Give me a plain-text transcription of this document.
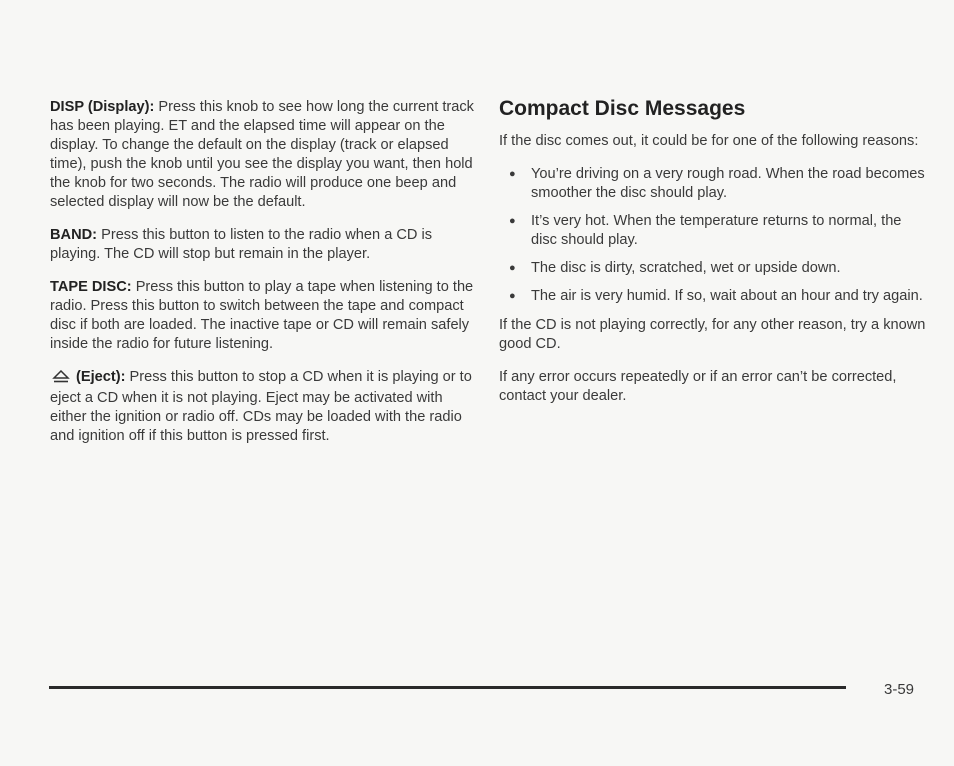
DISP (Display): Press this knob to see how long the current track has been playing. ET and the elapsed time will appear on the display. To change the default on the display (track or elapsed time), push the knob until you see the display you want, then hold the knob for two seconds. The radio will produce one beep and selected display will now be the default.

BAND: Press this button to listen to the radio when a CD is playing. The CD will stop but remain in the player.

TAPE DISC: Press this button to play a tape when listening to the radio. Press this button to switch between the tape and compact disc if both are loaded. The inactive tape or CD will remain safely inside the radio for future listening.

(Eject): Press this button to stop a CD when it is playing or to eject a CD when it is not playing. Eject may be activated with either the ignition or radio off. CDs may be loaded with the radio and ignition off if this button is pressed first.

Compact Disc Messages

If the disc comes out, it could be for one of the following reasons:

● You’re driving on a very rough road. When the road becomes smoother the disc should play.
● It’s very hot. When the temperature returns to normal, the disc should play.
● The disc is dirty, scratched, wet or upside down.
● The air is very humid. If so, wait about an hour and try again.

If the CD is not playing correctly, for any other reason, try a known good CD.

If any error occurs repeatedly or if an error can’t be corrected, contact your dealer.

3-59
